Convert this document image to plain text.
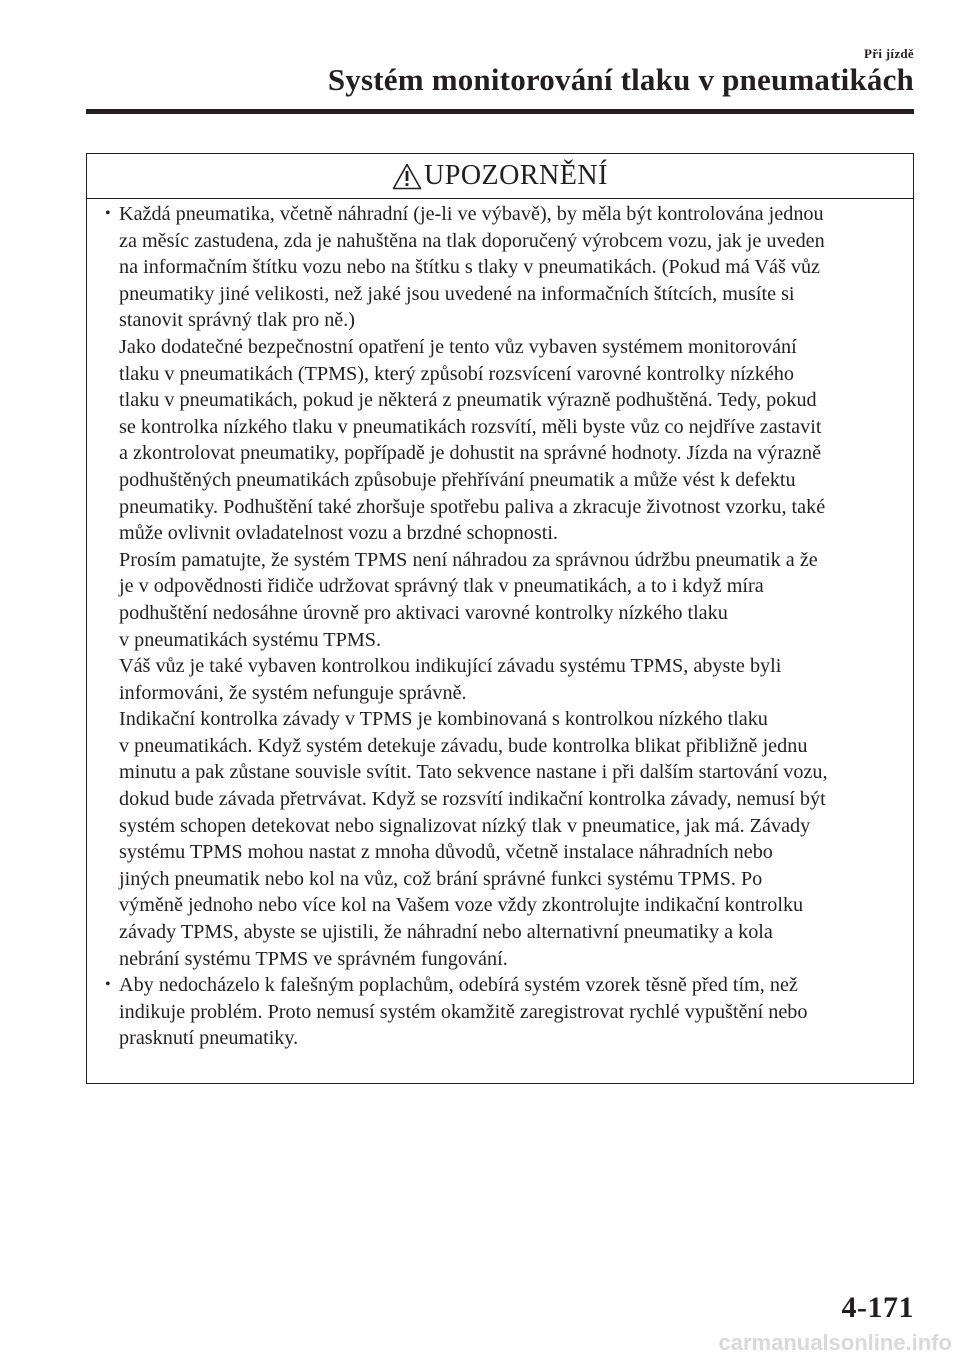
Při jízdě
Systém monitorování tlaku v pneumatikách
UPOZORNĚNÍ
• Každá pneumatika, včetně náhradní (je-li ve výbavě), by měla být kontrolována jednou
za měsíc zastudena, zda je nahuštěna na tlak doporučený výrobcem vozu, jak je uveden
na informačním štítku vozu nebo na štítku s tlaky v pneumatikách. (Pokud má Váš vůz
pneumatiky jiné velikosti, než jaké jsou uvedené na informačních štítcích, musíte si
stanovit správný tlak pro ně.)
Jako dodatečné bezpečnostní opatření je tento vůz vybaven systémem monitorování
tlaku v pneumatikách (TPMS), který způsobí rozsvícení varovné kontrolky nízkého
tlaku v pneumatikách, pokud je některá z pneumatik výrazně podhuštěná. Tedy, pokud
se kontrolka nízkého tlaku v pneumatikách rozsvítí, měli byste vůz co nejdříve zastavit
a zkontrolovat pneumatiky, popřípadě je dohustit na správné hodnoty. Jízda na výrazně
podhuštěných pneumatikách způsobuje přehřívání pneumatik a může vést k defektu
pneumatiky. Podhuštění také zhoršuje spotřebu paliva a zkracuje životnost vzorku, také
může ovlivnit ovladatelnost vozu a brzdné schopnosti.
Prosím pamatujte, že systém TPMS není náhradou za správnou údržbu pneumatik a že
je v odpovědnosti řidiče udržovat správný tlak v pneumatikách, a to i když míra
podhuštění nedosáhne úrovně pro aktivaci varovné kontrolky nízkého tlaku
v pneumatikách systému TPMS.
Váš vůz je také vybaven kontrolkou indikující závadu systému TPMS, abyste byli
informováni, že systém nefunguje správně.
Indikační kontrolka závady v TPMS je kombinovaná s kontrolkou nízkého tlaku
v pneumatikách. Když systém detekuje závadu, bude kontrolka blikat přibližně jednu
minutu a pak zůstane souvisle svítit. Tato sekvence nastane i při dalším startování vozu,
dokud bude závada přetrvávat. Když se rozsvítí indikační kontrolka závady, nemusí být
systém schopen detekovat nebo signalizovat nízký tlak v pneumatice, jak má. Závady
systému TPMS mohou nastat z mnoha důvodů, včetně instalace náhradních nebo
jiných pneumatik nebo kol na vůz, což brání správné funkci systému TPMS. Po
výměně jednoho nebo více kol na Vašem voze vždy zkontrolujte indikační kontrolku
závady TPMS, abyste se ujistili, že náhradní nebo alternativní pneumatiky a kola
nebrání systému TPMS ve správném fungování.
• Aby nedocházelo k falešným poplachům, odebírá systém vzorek těsně před tím, než
indikuje problém. Proto nemusí systém okamžitě zaregistrovat rychlé vypuštění nebo
prasknutí pneumatiky.
4-171
carmanualsonline.info
